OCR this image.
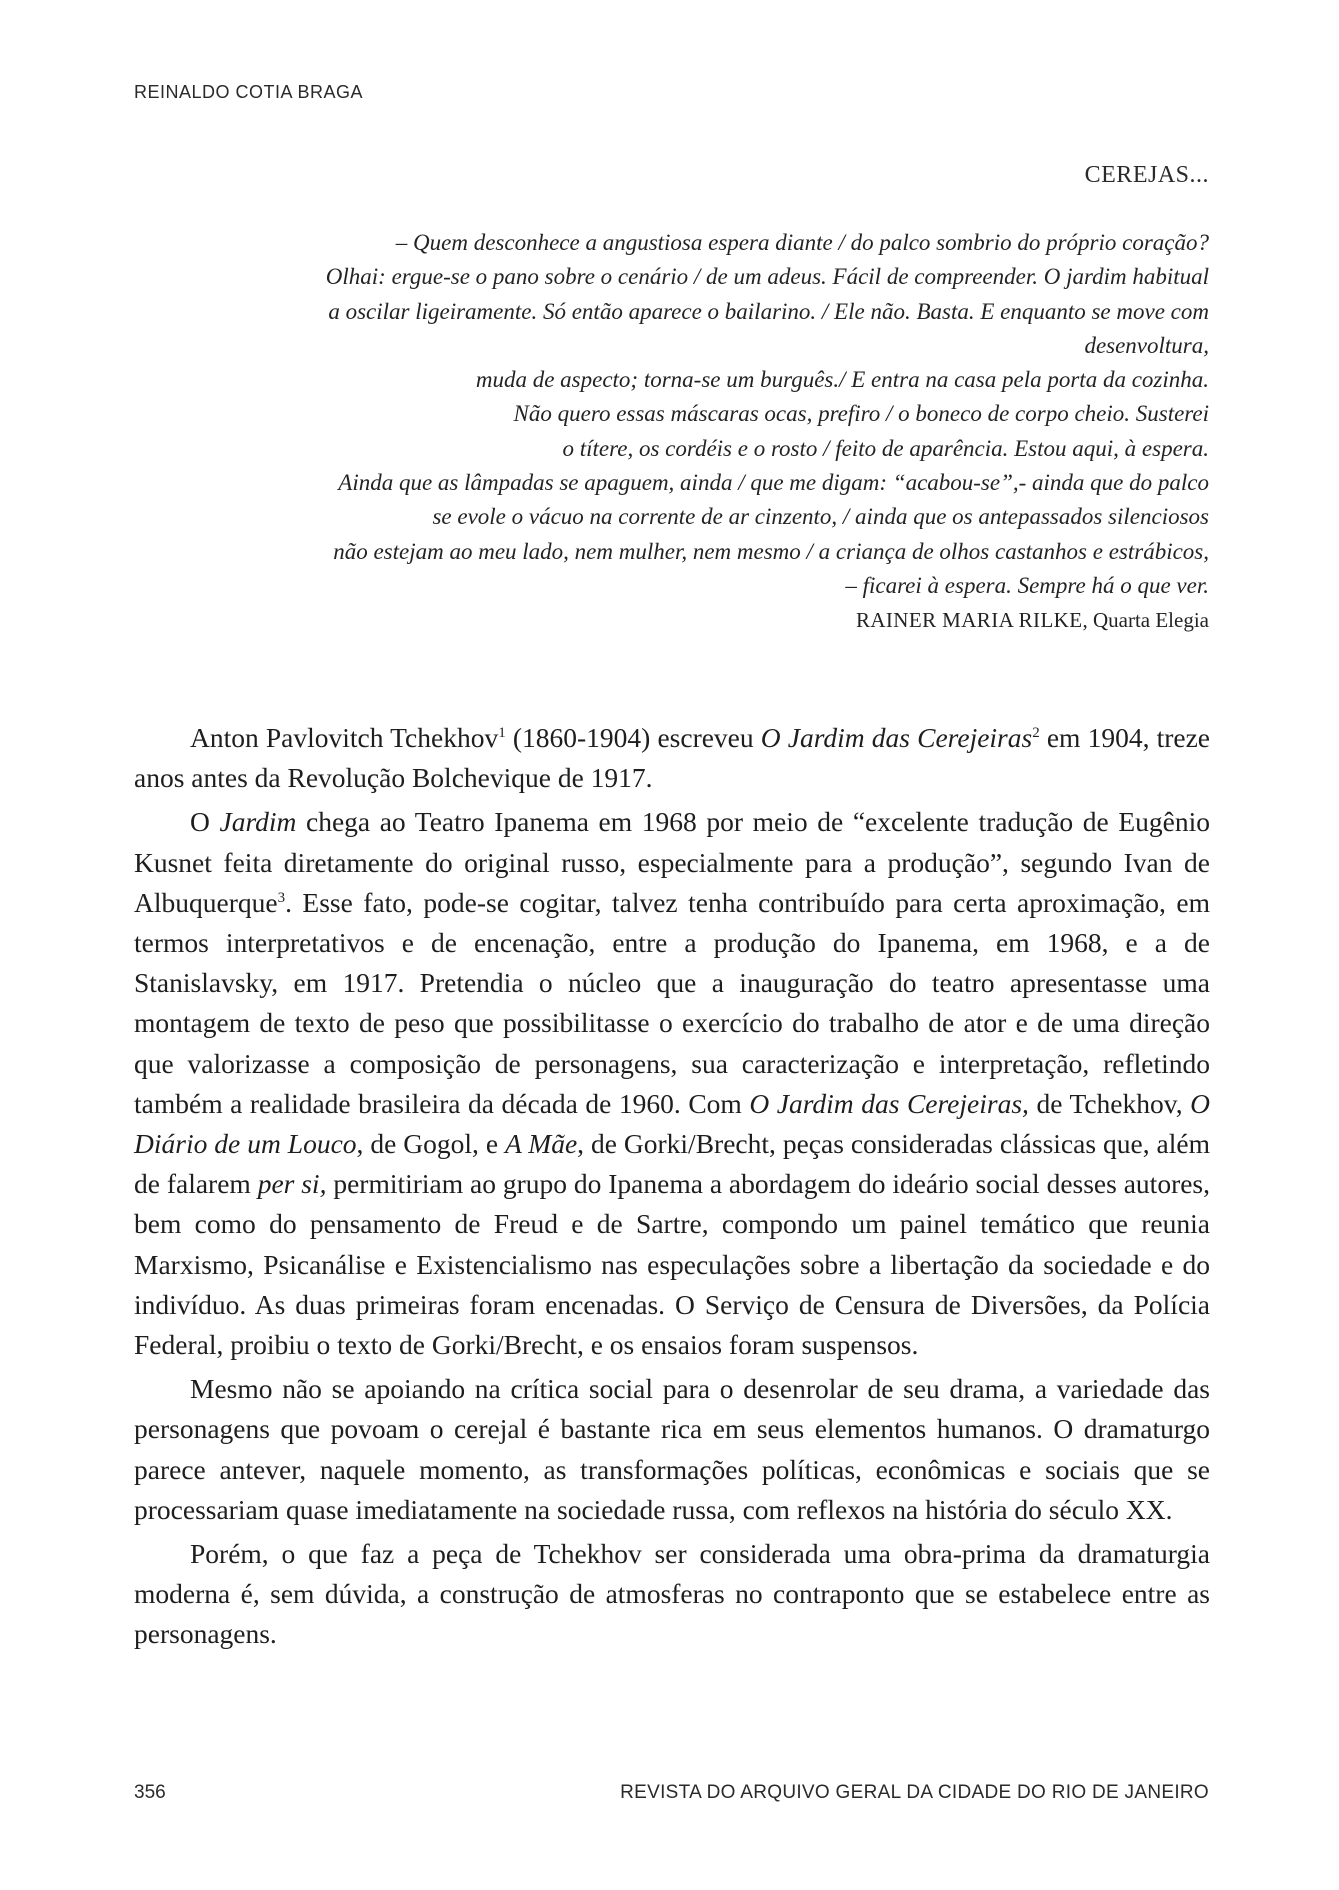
REINALDO COTIA BRAGA
CEREJAS...
– Quem desconhece a angustiosa espera diante / do palco sombrio do próprio coração?
Olhai: ergue-se o pano sobre o cenário / de um adeus. Fácil de compreender. O jardim habitual
a oscilar ligeiramente. Só então aparece o bailarino. / Ele não. Basta. E enquanto se move com
desenvoltura,
muda de aspecto; torna-se um burguês./ E entra na casa pela porta da cozinha.
Não quero essas máscaras ocas, prefiro / o boneco de corpo cheio. Susterei
o títere, os cordéis e o rosto / feito de aparência. Estou aqui, à espera.
Ainda que as lâmpadas se apaguem, ainda / que me digam: “acabou-se”,- ainda que do palco
se evole o vácuo na corrente de ar cinzento, / ainda que os antepassados silenciosos
não estejam ao meu lado, nem mulher, nem mesmo / a criança de olhos castanhos e estrábicos,
– ficarei à espera. Sempre há o que ver.
RAINER MARIA RILKE, Quarta Elegia

Anton Pavlovitch Tchekhov$^1$ (1860-1904) escreveu O Jardim das Cerejeiras$^2$ em 1904, treze anos antes da Revolução Bolchevique de 1917.

O Jardim chega ao Teatro Ipanema em 1968 por meio de “excelente tradução de Eugênio Kusnet feita diretamente do original russo, especialmente para a produção”, segundo Ivan de Albuquerque$^3$. Esse fato, pode-se cogitar, talvez tenha contribuído para certa aproximação, em termos interpretativos e de encenação, entre a produção do Ipanema, em 1968, e a de Stanislavsky, em 1917. Pretendia o núcleo que a inauguração do teatro apresentasse uma montagem de texto de peso que possibilitasse o exercício do trabalho de ator e de uma direção que valorizasse a composição de personagens, sua caracterização e interpretação, refletindo também a realidade brasileira da década de 1960. Com O Jardim das Cerejeiras, de Tchekhov, O Diário de um Louco, de Gogol, e A Mãe, de Gorki/Brecht, peças consideradas clássicas que, além de falarem per si, permitiriam ao grupo do Ipanema a abordagem do ideário social desses autores, bem como do pensamento de Freud e de Sartre, compondo um painel temático que reunia Marxismo, Psicanálise e Existencialismo nas especulações sobre a libertação da sociedade e do indivíduo. As duas primeiras foram encenadas. O Serviço de Censura de Diversões, da Polícia Federal, proibiu o texto de Gorki/Brecht, e os ensaios foram suspensos.

Mesmo não se apoiando na crítica social para o desenrolar de seu drama, a variedade das personagens que povoam o cerejal é bastante rica em seus elementos humanos. O dramaturgo parece antever, naquele momento, as transformações políticas, econômicas e sociais que se processariam quase imediatamente na sociedade russa, com reflexos na história do século XX.

Porém, o que faz a peça de Tchekhov ser considerada uma obra-prima da dramaturgia moderna é, sem dúvida, a construção de atmosferas no contraponto que se estabelece entre as personagens.

356	REVISTA DO ARQUIVO GERAL DA CIDADE DO RIO DE JANEIRO
